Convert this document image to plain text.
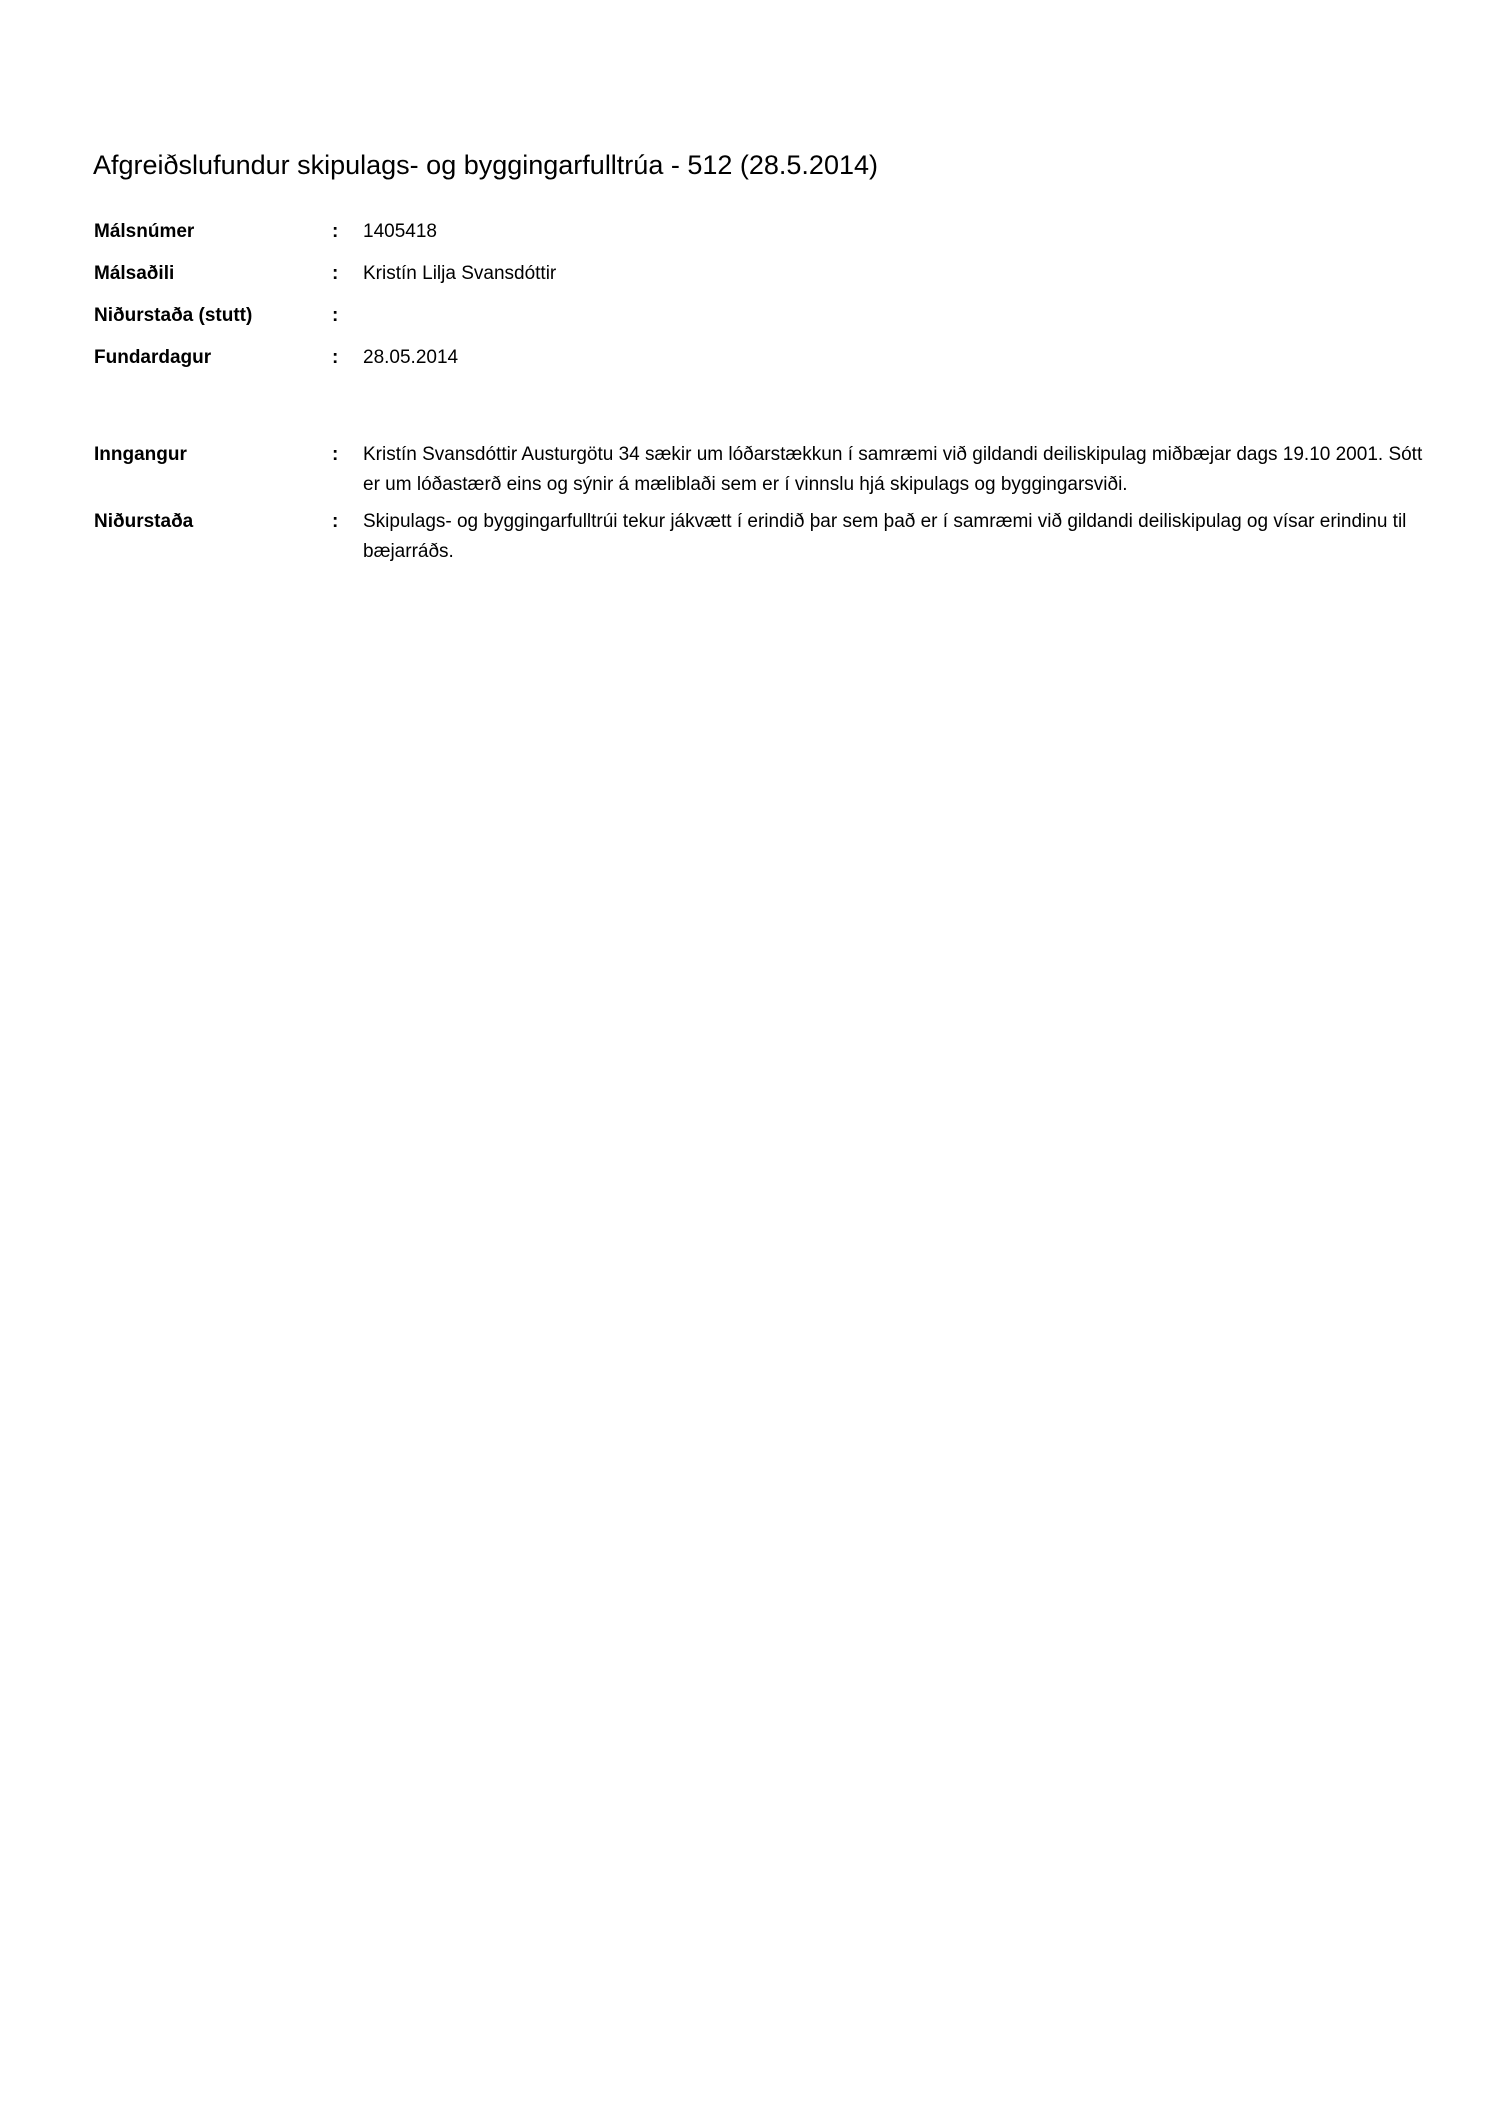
Afgreiðslufundur skipulags- og byggingarfulltrúa - 512 (28.5.2014)
Málsnúmer	:	1405418
Málsaðili	:	Kristín Lilja Svansdóttir
Niðurstaða (stutt)	:
Fundardagur	:	28.05.2014
Inngangur	:	Kristín Svansdóttir Austurgötu 34 sækir um lóðarstækkun í samræmi við gildandi deiliskipulag miðbæjar dags 19.10 2001. Sótt er um lóðastærð eins og sýnir á mæliblaði sem er í vinnslu hjá skipulags og byggingarsviði.
Niðurstaða	:	Skipulags- og byggingarfulltrúi tekur jákvætt í erindið þar sem það er í samræmi við gildandi deiliskipulag og vísar erindinu til bæjarráðs.
